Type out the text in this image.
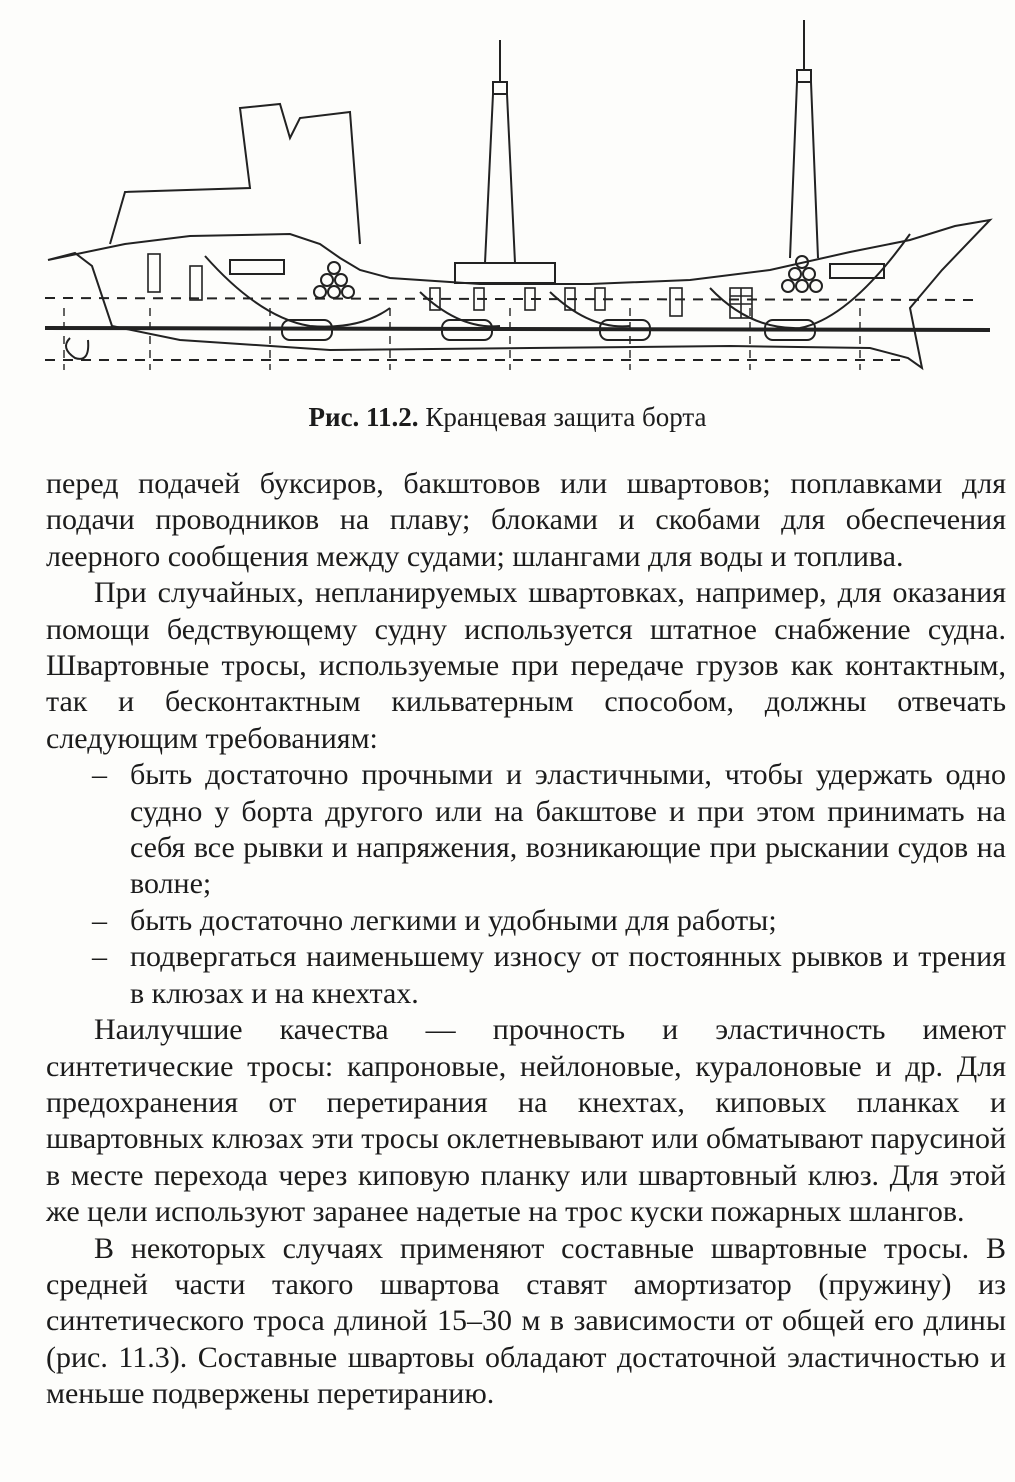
Рис. 11.2. Кранцевая защита борта

перед подачей буксиров, бакштовов или швартовов; поплавками для подачи проводников на плаву; блоками и скобами для обеспечения леерного сообщения между судами; шлангами для воды и топлива.

При случайных, непланируемых швартовках, например, для оказания помощи бедствующему судну используется штатное снабжение судна. Швартовные тросы, используемые при передаче грузов как контактным, так и бесконтактным кильватерным способом, должны отвечать следующим требованиям:

– быть достаточно прочными и эластичными, чтобы удержать одно судно у борта другого или на бакштове и при этом принимать на себя все рывки и напряжения, возникающие при рыскании судов на волне;
– быть достаточно легкими и удобными для работы;
– подвергаться наименьшему износу от постоянных рывков и трения в клюзах и на кнехтах.

Наилучшие качества — прочность и эластичность имеют синтетические тросы: капроновые, нейлоновые, куралоновые и др. Для предохранения от перетирания на кнехтах, киповых планках и швартовных клюзах эти тросы оклетневывают или обматывают парусиной в месте перехода через киповую планку или швартовный клюз. Для этой же цели используют заранее надетые на трос куски пожарных шлангов.

В некоторых случаях применяют составные швартовные тросы. В средней части такого швартова ставят амортизатор (пружину) из синтетического троса длиной 15–30 м в зависимости от общей его длины (рис. 11.3). Составные швартовы обладают достаточной эластичностью и меньше подвержены перетиранию.
